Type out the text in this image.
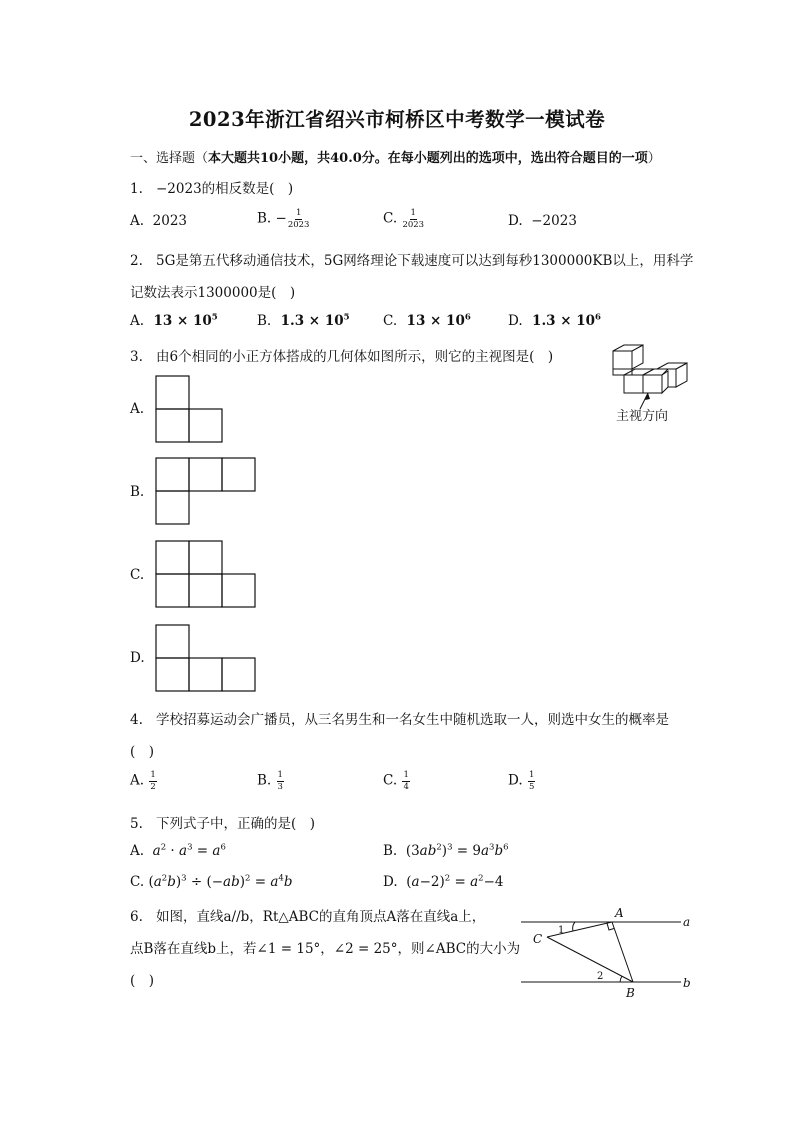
2023年浙江省绍兴市柯桥区中考数学一模试卷
一、选择题（本大题共10小题，共40.0分。在每小题列出的选项中，选出符合题目的一项）
1. −2023的相反数是(　)
A. 2023	B. − $\frac{1}{2023}$	C. $\frac{1}{2023}$	D. −2023
2. 5G是第五代移动通信技术，5G网络理论下载速度可以达到每秒1300000KB以上，用科学
记数法表示1300000是(　)
A. $13 \times 10^5$	B. $1.3 \times 10^5$ C. $13 \times 10^6$	D. $1.3 \times 10^6$
3. 由6个相同的小正方体搭成的几何体如图所示，则它的主视图是(　)
主视方向
A.
B.
C.
D.
4. 学校招募运动会广播员，从三名男生和一名女生中随机选取一人，则选中女生的概率是
(　)
A. $\frac{1}{2}$	B. $\frac{1}{3}$	C. $\frac{1}{4}$	D. $\frac{1}{5}$
5. 下列式子中，正确的是(　)
A. $a^2 \cdot a^3 = a^6$	B. $(3ab^2)^3 = 9a^3b^6$
C. $(a^2b)^3 \div (-ab)^2 = a^4b$	D. $(a-2)^2 = a^2-4$
6. 如图，直线a//b，Rt△ABC的直角顶点A落在直线a上，
点B落在直线b上，若∠1 = 15°，∠2 = 25°，则∠ABC的大小为
(　)
A
B
C
a
b
1
2
